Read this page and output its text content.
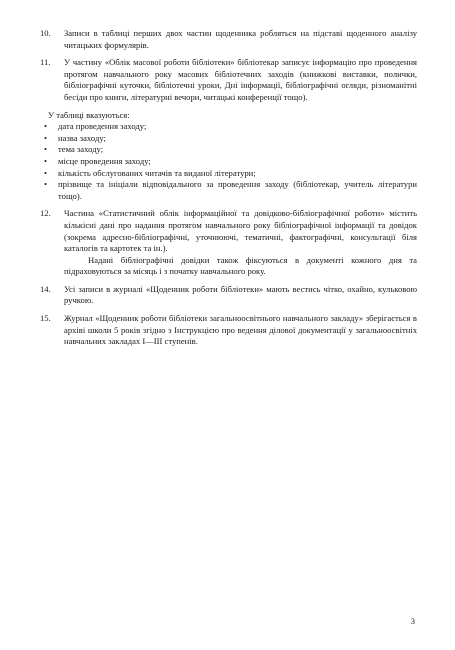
10.	Записи в таблиці перших двох частин щоденника робляться на підставі щоденного аналізу читацьких формулярів.

11.	У частину «Облік масової роботи бібліотеки» бібліотекар записує інформацію про проведення протягом навчального року масових бібліотечних заходів (книжкові виставки, полички, бібліографічні куточки, бібліотечні уроки, Дні інформації, бібліографічні огляди, різноманітні бесіди про книги, літературні вечори, читацькі конференції тощо).

У таблиці вказуються:

• дата проведення заходу;
• назва заходу;
• тема заходу;
• місце проведення заходу;
• кількість обслугованих читачів та виданої літератури;
• прізвище та ініціали відповідального за проведення заходу (бібліотекар, учитель літератури тощо).
12.	Частина «Статистичний облік інформаційної та довідково-бібліографічної роботи» містить кількісні дані про надання протягом навчального року бібліографічної інформації та довідок (зокрема адресно-бібліографічні, уточнюючі, тематичні, фактографічні, консультації біля каталогів та картотек та ін.).

Надані бібліографічні довідки також фіксуються в документі кожного дня та підраховуються за місяць і з початку навчального року.

14.	Усі записи в журналі «Щоденник роботи бібліотеки» мають вестись чітко, охайно, кульковою ручкою.

15.	Журнал «Щоденник роботи бібліотеки загальноосвітнього навчального закладу» зберігається в архіві школи 5 років згідно з Інструкцією про ведення ділової документації у загальноосвітніх навчальних закладах І—ІІІ ступенів.

3
